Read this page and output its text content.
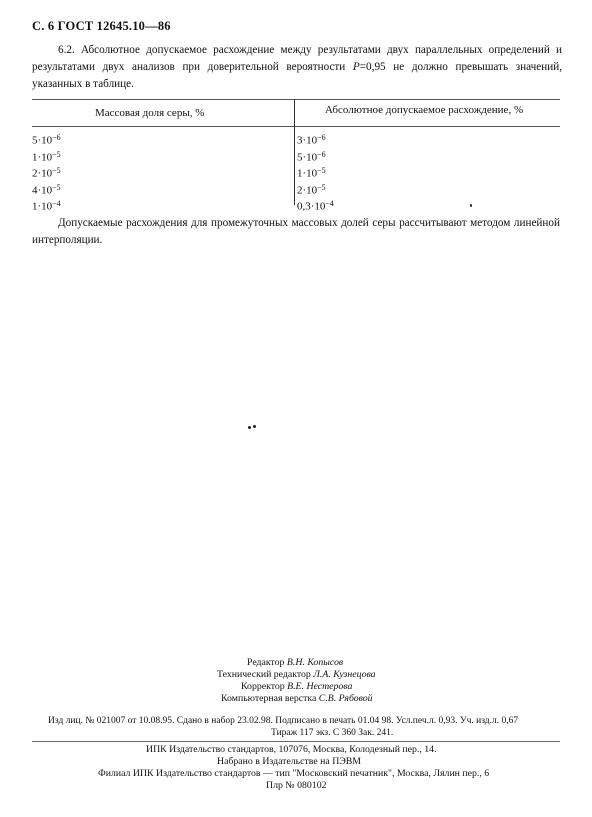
С. 6 ГОСТ 12645.10—86
6.2. Абсолютное допускаемое расхождение между результатами двух параллельных определений и результатами двух анализов при доверительной вероятности P=0,95 не должно превышать значений, указанных в таблице.
Массовая доля серы, %	Абсолютное допускаемое расхождение, %
$5\cdot 10^{-6}$
$1\cdot 10^{-5}$
$2\cdot 10^{-5}$
$4\cdot 10^{-5}$
$1\cdot 10^{-4}$
$3\cdot 10^{-6}$
$5\cdot 10^{-6}$
$1\cdot 10^{-5}$
$2\cdot 10^{-5}$
$0,3\cdot 10^{-4}$
Допускаемые расхождения для промежуточных массовых долей серы рассчитывают методом линейной интерполяции.
Редактор В.Н. Копысов
Технический редактор Л.А. Кузнецова
Корректор В.Е. Нестерова
Компьютерная верстка С.В. Рябовой
Изд лиц. № 021007 от 10.08.95. Сдано в набор 23.02.98. Подписано в печать 01.04 98. Усл.печ.л. 0,93. Уч. изд.л. 0,67
Тираж 117 экз. С 360 Зак. 241.
ИПК Издательство стандартов, 107076, Москва, Колодезный пер., 14.
Набрано в Издательстве на ПЭВМ
Филиал ИПК Издательство стандартов — тип "Московский печатник", Москва, Лялин пер., 6
Плр № 080102
